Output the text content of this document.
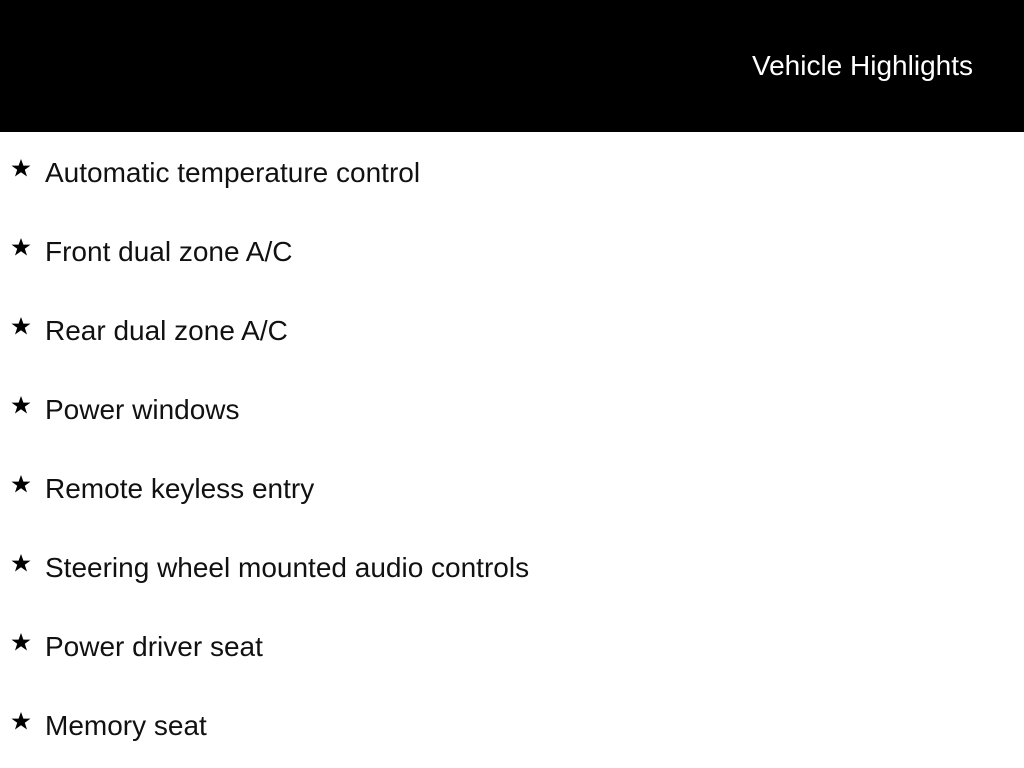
Vehicle Highlights
Automatic temperature control
Front dual zone A/C
Rear dual zone A/C
Power windows
Remote keyless entry
Steering wheel mounted audio controls
Power driver seat
Memory seat
